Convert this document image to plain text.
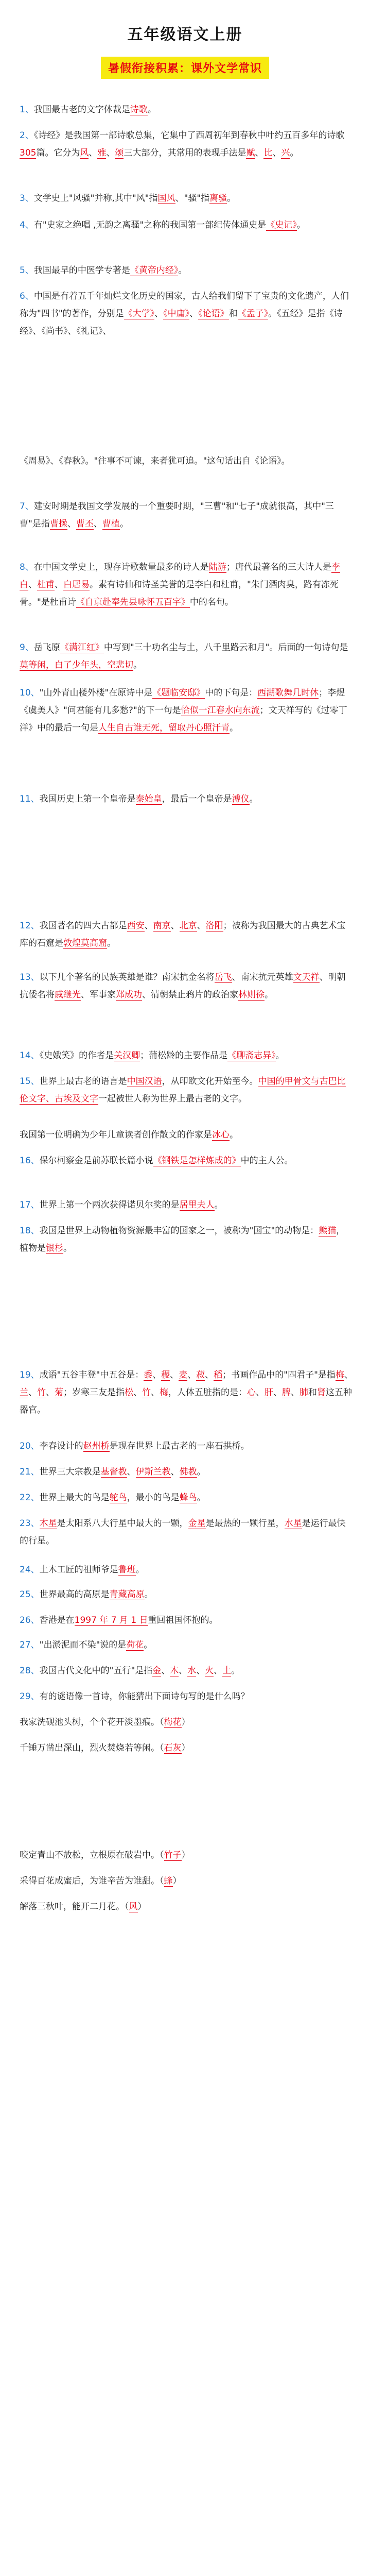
五年级语文上册
暑假衔接积累：课外文学常识
1、我国最古老的文字体裁是诗歌。
2、《诗经》是我国第一部诗歌总集，它集中了西周初年到春秋中叶约五百多年的诗歌305篇。它分为风、雅、颂三大部分，其常用的表现手法是赋、比、兴。
3、文学史上"风骚"并称,其中"风"指国风、"骚"指离骚。
4、有"史家之绝唱 ,无韵之离骚"之称的我国第一部纪传体通史是《史记》。
5、我国最早的中医学专著是《黄帝内经》。
6、中国是有着五千年灿烂文化历史的国家，古人给我们留下了宝贵的文化遗产，人们称为"四书"的著作，分别是《大学》、《中庸》、《论语》和《孟子》。《五经》是指《诗经》、《尚书》、《礼记》、
《周易》、《春秋》。"往事不可谏，来者犹可追。"这句话出自《论语》。
7、建安时期是我国文学发展的一个重要时期，"三曹"和"七子"成就很高，其中"三曹"是指曹操、曹丕、曹植。
8、在中国文学史上，现存诗歌数量最多的诗人是陆游；唐代最著名的三大诗人是李白、杜甫、白居易。素有诗仙和诗圣美誉的是李白和杜甫，"朱门酒肉臭，路有冻死骨。"是杜甫诗《自京赴奉先县咏怀五百字》中的名句。
9、岳飞原《满江红》中写到"三十功名尘与土，八千里路云和月"。后面的一句诗句是莫等闲，白了少年头，空悲切。
10、"山外青山楼外楼"在原诗中是《题临安邸》中的下句是：西湖歌舞几时休；李煜《虞美人》"问君能有几多愁?"的下一句是恰似一江春水向东流；文天祥写的《过零丁洋》中的最后一句是人生自古谁无死，留取丹心照汗青。
11、我国历史上第一个皇帝是秦始皇，最后一个皇帝是溥仪。
12、我国著名的四大古都是西安、南京、北京、洛阳；被称为我国最大的古典艺术宝库的石窟是敦煌莫高窟。
13、以下几个著名的民族英雄是谁？南宋抗金名将岳飞、南宋抗元英雄文天祥、明朝抗倭名将戚继光、军事家郑成功、清朝禁止鸦片的政治家林则徐。
14、《史娥笑》的作者是关汉卿；蒲松龄的主要作品是《聊斋志异》。
15、世界上最古老的语言是中国汉语，从印欧文化开始至今。中国的甲骨文与古巴比伦文字、古埃及文字一起被世人称为世界上最古老的文字。
我国第一位明确为少年儿童读者创作散文的作家是冰心。
16、保尔柯察金是前苏联长篇小说《钢铁是怎样炼成的》中的主人公。
17、世界上第一个两次获得诺贝尔奖的是居里夫人。
18、我国是世界上动物植物资源最丰富的国家之一，被称为"国宝"的动物是：熊猫，植物是银杉。
19、成语"五谷丰登"中五谷是：黍、稷、麦、菽、稻；书画作品中的"四君子"是指梅、兰、竹、菊；岁寒三友是指松、竹、梅，人体五脏指的是：心、肝、脾、肺和肾这五种器官。
20、李春设计的赵州桥是现存世界上最古老的一座石拱桥。
21、世界三大宗教是基督教、伊斯兰教、佛教。
22、世界上最大的鸟是鸵鸟，最小的鸟是蜂鸟。
23、木星是太阳系八大行星中最大的一颗，金星是最热的一颗行星，水星是运行最快的行星。
24、土木工匠的祖师爷是鲁班。
25、世界最高的高原是青藏高原。
26、香港是在1997 年 7 月 1 日重回祖国怀抱的。
27、"出淤泥而不染"说的是荷花。
28、我国古代文化中的"五行"是指金、木、水、火、土。
29、有的谜语像一首诗，你能猜出下面诗句写的是什么吗？
我家洗砚池头树，个个花开淡墨痕。（梅花）
千锤万凿出深山，烈火焚烧若等闲。（石灰）
咬定青山不放松，立根原在破岩中。（竹子）
采得百花成蜜后，为谁辛苦为谁甜。（蜂）
解落三秋叶，能开二月花。（风）
